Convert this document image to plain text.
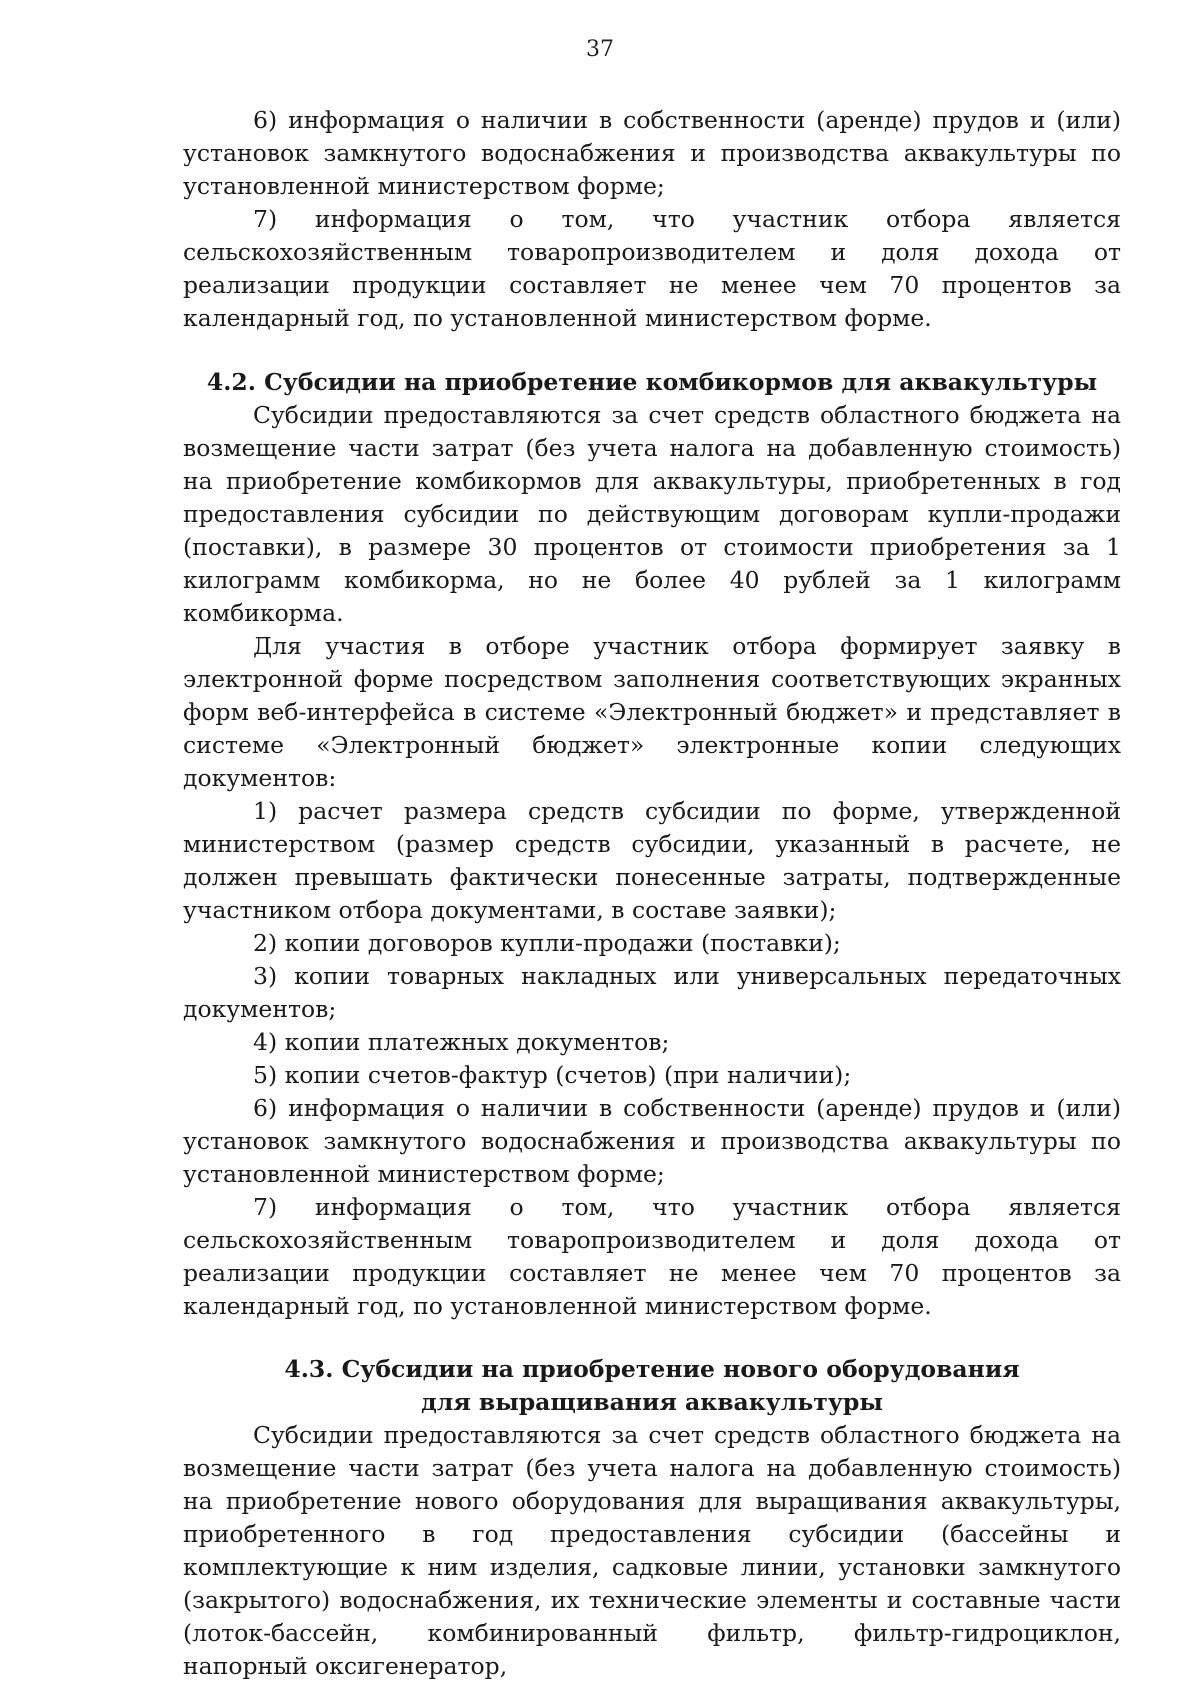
37

6) информация о наличии в собственности (аренде) прудов и (или) установок замкнутого водоснабжения и производства аквакультуры по установленной министерством форме;

7) информация о том, что участник отбора является сельскохозяйственным товаропроизводителем и доля дохода от реализации продукции составляет не менее чем 70 процентов за календарный год, по установленной министерством форме.

4.2. Субсидии на приобретение комбикормов для аквакультуры

Субсидии предоставляются за счет средств областного бюджета на возмещение части затрат (без учета налога на добавленную стоимость) на приобретение комбикормов для аквакультуры, приобретенных в год предоставления субсидии по действующим договорам купли-продажи (поставки), в размере 30 процентов от стоимости приобретения за 1 килограмм комбикорма, но не более 40 рублей за 1 килограмм комбикорма.

Для участия в отборе участник отбора формирует заявку в электронной форме посредством заполнения соответствующих экранных форм веб-интерфейса в системе «Электронный бюджет» и представляет в системе «Электронный бюджет» электронные копии следующих документов:

1) расчет размера средств субсидии по форме, утвержденной министерством (размер средств субсидии, указанный в расчете, не должен превышать фактически понесенные затраты, подтвержденные участником отбора документами, в составе заявки);

2) копии договоров купли-продажи (поставки);

3) копии товарных накладных или универсальных передаточных документов;

4) копии платежных документов;

5) копии счетов-фактур (счетов) (при наличии);

6) информация о наличии в собственности (аренде) прудов и (или) установок замкнутого водоснабжения и производства аквакультуры по установленной министерством форме;

7) информация о том, что участник отбора является сельскохозяйственным товаропроизводителем и доля дохода от реализации продукции составляет не менее чем 70 процентов за календарный год, по установленной министерством форме.

4.3. Субсидии на приобретение нового оборудования
для выращивания аквакультуры

Субсидии предоставляются за счет средств областного бюджета на возмещение части затрат (без учета налога на добавленную стоимость) на приобретение нового оборудования для выращивания аквакультуры, приобретенного в год предоставления субсидии (бассейны и комплектующие к ним изделия, садковые линии, установки замкнутого (закрытого) водоснабжения, их технические элементы и составные части (лоток-бассейн, комбинированный фильтр, фильтр-гидроциклон, напорный оксигенератор,
